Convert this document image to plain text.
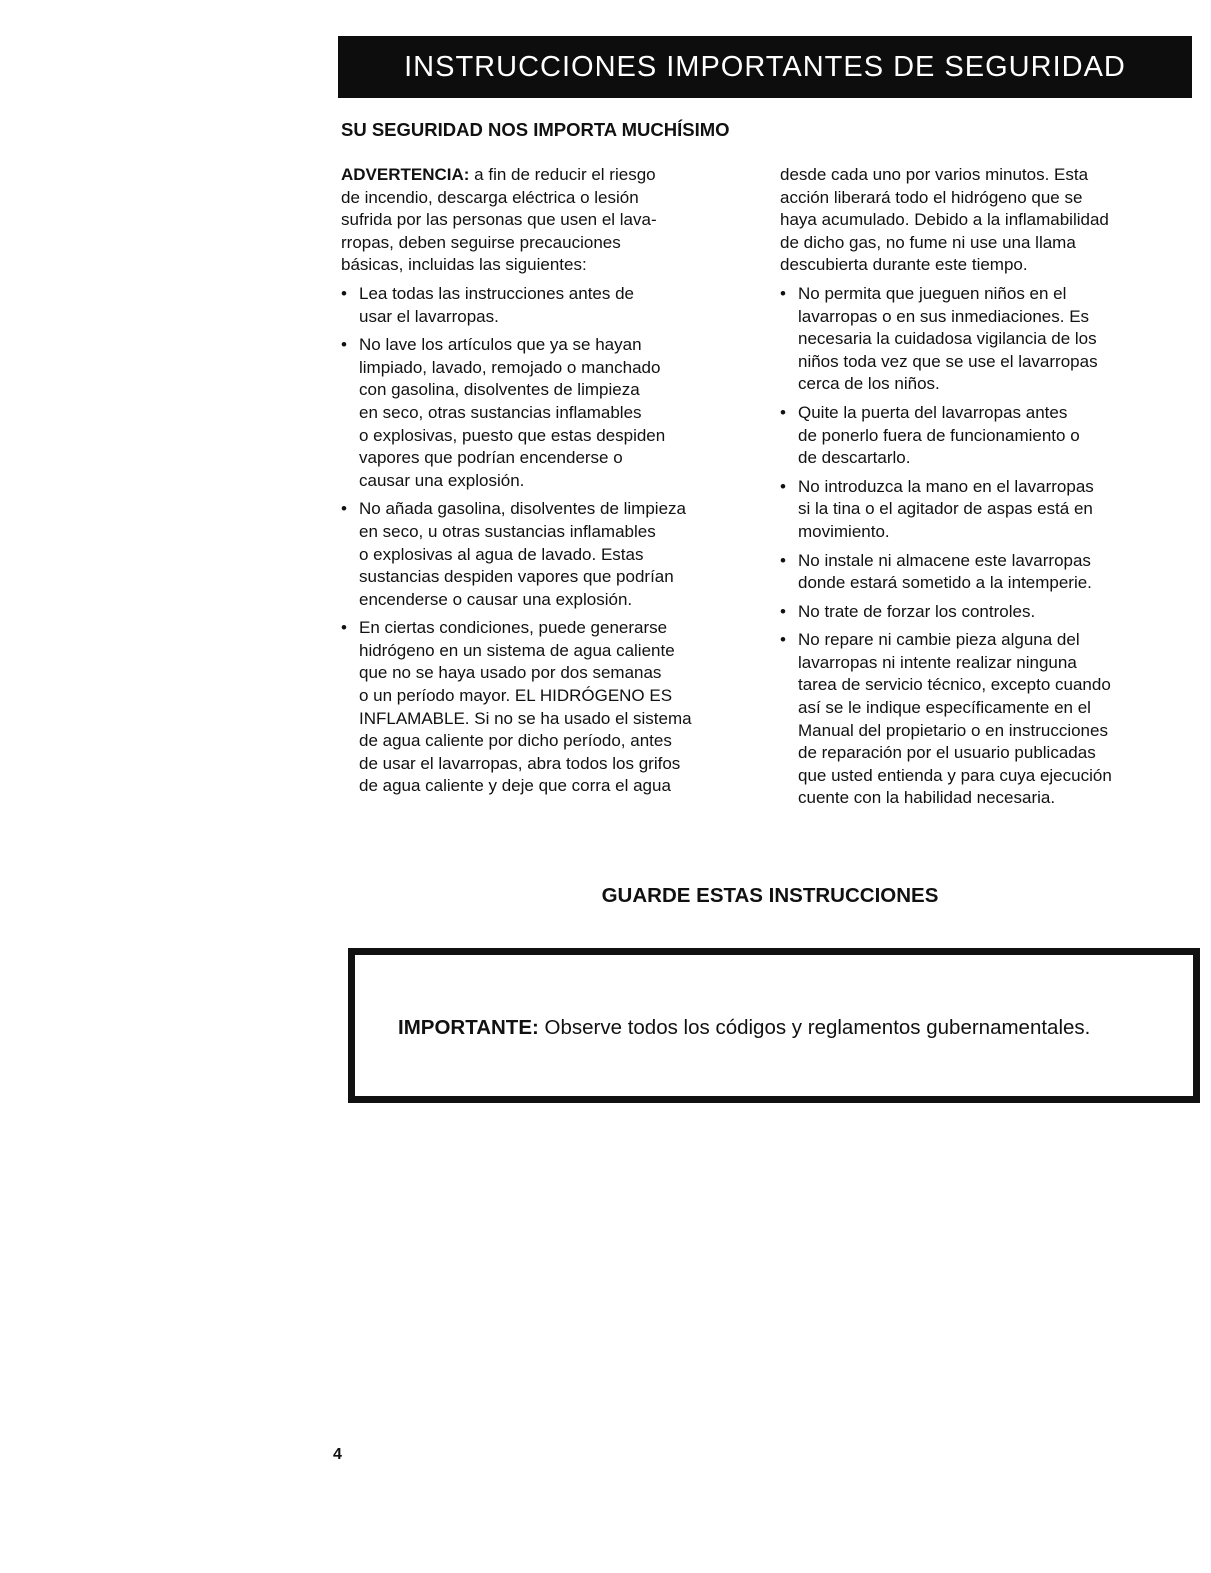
INSTRUCCIONES IMPORTANTES DE SEGURIDAD
SU SEGURIDAD NOS IMPORTA MUCHÍSIMO
ADVERTENCIA: a fin de reducir el riesgo
de incendio, descarga eléctrica o lesión
sufrida por las personas que usen el lava-
rropas, deben seguirse precauciones
básicas, incluidas las siguientes:
• Lea todas las instrucciones antes de
usar el lavarropas.
• No lave los artículos que ya se hayan
limpiado, lavado, remojado o manchado
con gasolina, disolventes de limpieza
en seco, otras sustancias inflamables
o explosivas, puesto que estas despiden
vapores que podrían encenderse o
causar una explosión.
• No añada gasolina, disolventes de limpieza
en seco, u otras sustancias inflamables
o explosivas al agua de lavado. Estas
sustancias despiden vapores que podrían
encenderse o causar una explosión.
• En ciertas condiciones, puede generarse
hidrógeno en un sistema de agua caliente
que no se haya usado por dos semanas
o un período mayor. EL HIDRÓGENO ES
INFLAMABLE. Si no se ha usado el sistema
de agua caliente por dicho período, antes
de usar el lavarropas, abra todos los grifos
de agua caliente y deje que corra el agua
desde cada uno por varios minutos. Esta
acción liberará todo el hidrógeno que se
haya acumulado. Debido a la inflamabilidad
de dicho gas, no fume ni use una llama
descubierta durante este tiempo.
• No permita que jueguen niños en el
lavarropas o en sus inmediaciones. Es
necesaria la cuidadosa vigilancia de los
niños toda vez que se use el lavarropas
cerca de los niños.
• Quite la puerta del lavarropas antes
de ponerlo fuera de funcionamiento o
de descartarlo.
• No introduzca la mano en el lavarropas
si la tina o el agitador de aspas está en
movimiento.
• No instale ni almacene este lavarropas
donde estará sometido a la intemperie.
• No trate de forzar los controles.
• No repare ni cambie pieza alguna del
lavarropas ni intente realizar ninguna
tarea de servicio técnico, excepto cuando
así se le indique específicamente en el
Manual del propietario o en instrucciones
de reparación por el usuario publicadas
que usted entienda y para cuya ejecución
cuente con la habilidad necesaria.
GUARDE ESTAS INSTRUCCIONES
IMPORTANTE: Observe todos los códigos y reglamentos gubernamentales.
4
